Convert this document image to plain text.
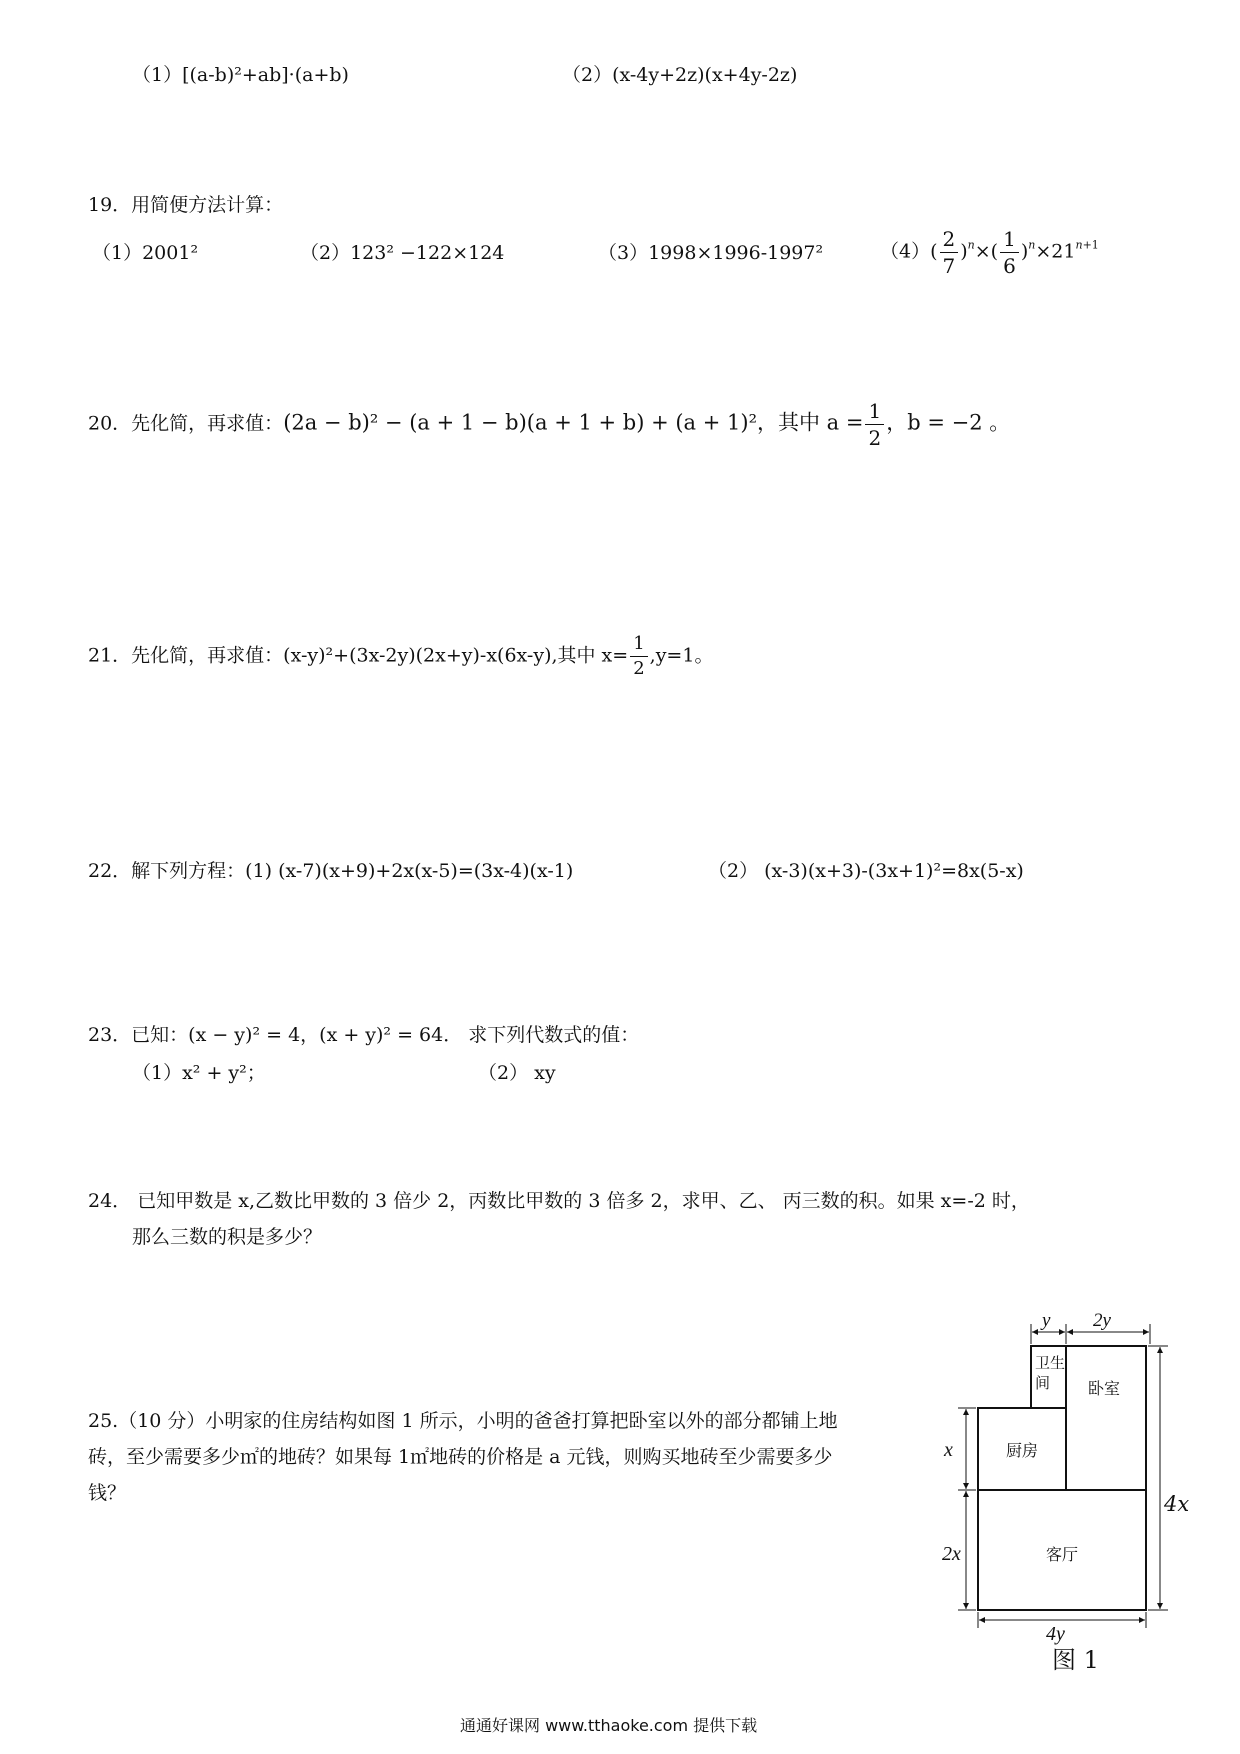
（1）[(a-b)²+ab]·(a+b)	（2）(x-4y+2z)(x+4y-2z)
19．用简便方法计算：
（1）2001²	（2）123² −122×124	（3）1998×1996-1997²	$(4)( \frac{2}{7} )^n\times( \frac{1}{6} )^n\times 21^{n+1}$
20．先化简，再求值：(2a − b)² − (a + 1 − b)(a + 1 + b) + (a + 1)²，其中 $a = \frac{1}{2}$ ，b = −2 。
21．先化简，再求值：(x-y)²+(3x-2y)(2x+y)-x(6x-y),其中 $x= \frac{1}{2} ,y=1$。
22．解下列方程：(1) (x-7)(x+9)+2x(x-5)=(3x-4)(x-1)	（2） (x-3)(x+3)-(3x+1)²=8x(5-x)
23．已知：(x − y)² = 4，(x + y)² = 64． 求下列代数式的值：
（1）x² + y²；	（2） xy
24． 已知甲数是 x,乙数比甲数的 3 倍少 2，丙数比甲数的 3 倍多 2，求甲、乙、 丙三数的积。如果 x=-2 时，
那么三数的积是多少？
25.（10 分）小明家的住房结构如图 1 所示，小明的爸爸打算把卧室以外的部分都铺上地
砖，至少需要多少㎡的地砖？如果每 1㎡地砖的价格是 a 元钱，则购买地砖至少需要多少
钱？
y 2y
卫生
间 卧室
厨房
客厅
x
2x
4y
4x
图 1
通通好课网 www.tthaoke.com 提供下载
